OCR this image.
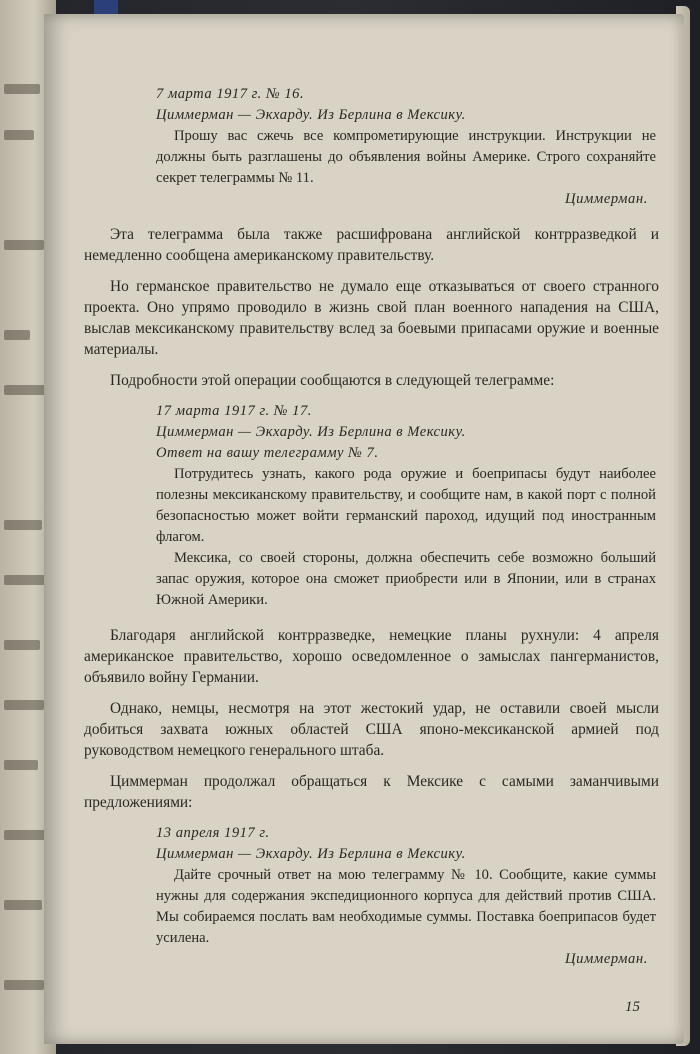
7 марта 1917 г. № 16.
Циммерман — Экхарду. Из Берлина в Мексику.

Прошу вас сжечь все компрометирующие инструкции. Инструкции не должны быть разглашены до объявления войны Америке. Строго сохраняйте секрет телеграммы № 11.

Циммерман.

Эта телеграмма была также расшифрована английской контрразведкой и немедленно сообщена американскому правительству.

Но германское правительство не думало еще отказываться от своего странного проекта. Оно упрямо проводило в жизнь свой план военного нападения на США, выслав мексиканскому правительству вслед за боевыми припасами оружие и военные материалы.

Подробности этой операции сообщаются в следующей телеграмме:

17 марта 1917 г. № 17.
Циммерман — Экхарду. Из Берлина в Мексику.
Ответ на вашу телеграмму № 7.

Потрудитесь узнать, какого рода оружие и боеприпасы будут наиболее полезны мексиканскому правительству, и сообщите нам, в какой порт с полной безопасностью может войти германский пароход, идущий под иностранным флагом.

Мексика, со своей стороны, должна обеспечить себе возможно больший запас оружия, которое она сможет приобрести или в Японии, или в странах Южной Америки.

Благодаря английской контрразведке, немецкие планы рухнули: 4 апреля американское правительство, хорошо осведомленное о замыслах пангерманистов, объявило войну Германии.

Однако, немцы, несмотря на этот жестокий удар, не оставили своей мысли добиться захвата южных областей США японо-мексиканской армией под руководством немецкого генерального штаба.

Циммерман продолжал обращаться к Мексике с самыми заманчивыми предложениями:

13 апреля 1917 г.
Циммерман — Экхарду. Из Берлина в Мексику.

Дайте срочный ответ на мою телеграмму № 10. Сообщите, какие суммы нужны для содержания экспедиционного корпуса для действий против США. Мы собираемся послать вам необходимые суммы. Поставка боеприпасов будет усилена.

Циммерман.
15
